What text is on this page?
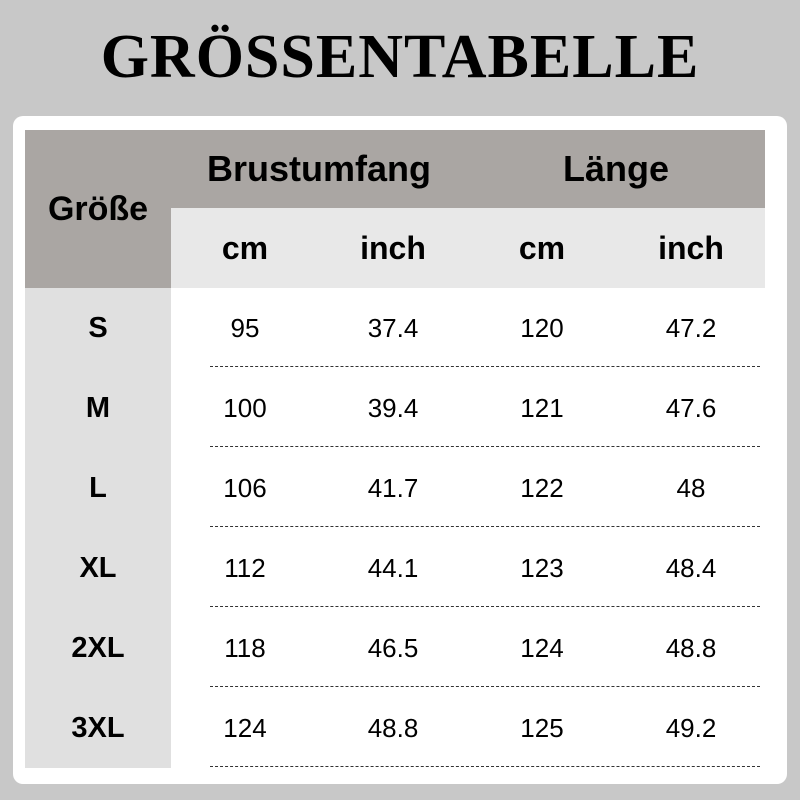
GRÖSSENTABELLE
Größe
Brustumfang	Länge
cm	inch	cm	inch
S	95	37.4	120	47.2
M	100	39.4	121	47.6
L	106	41.7	122	48
XL	112	44.1	123	48.4
2XL	118	46.5	124	48.8
3XL	124	48.8	125	49.2
